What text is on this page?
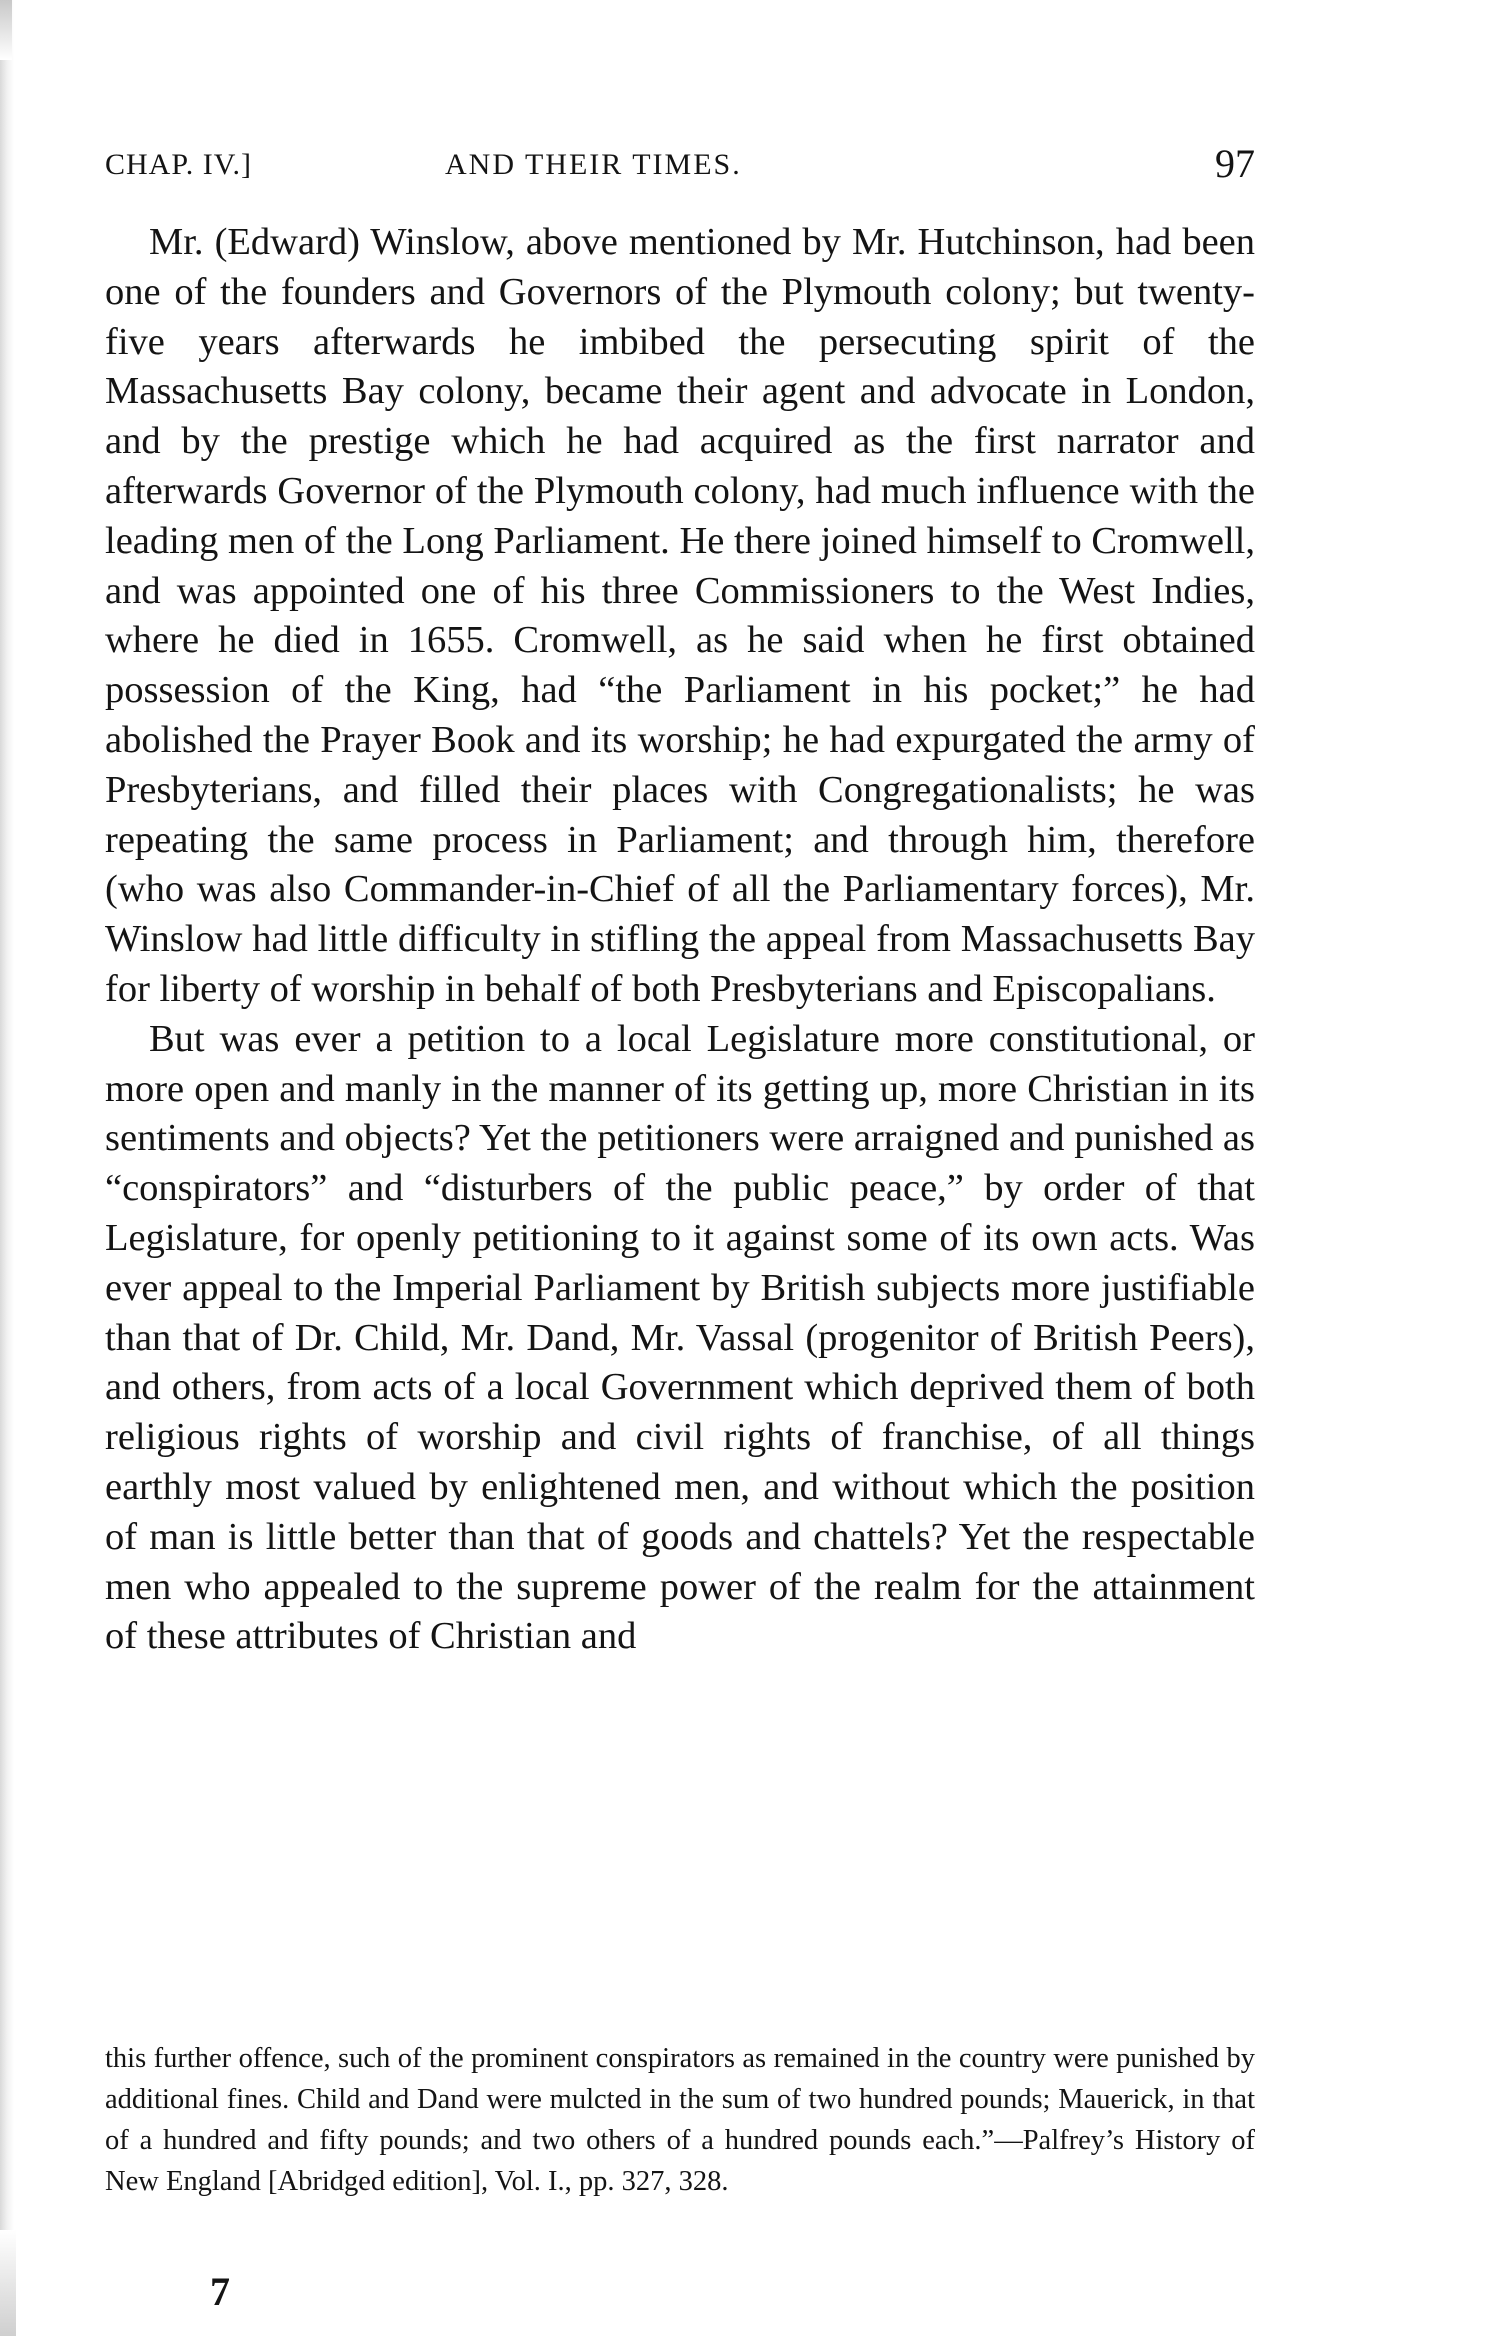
CHAP. IV.]	AND THEIR TIMES.	97

Mr. (Edward) Winslow, above mentioned by Mr. Hutchinson, had been one of the founders and Governors of the Plymouth colony; but twenty-five years afterwards he imbibed the persecuting spirit of the Massachusetts Bay colony, became their agent and advocate in London, and by the prestige which he had acquired as the first narrator and afterwards Governor of the Plymouth colony, had much influence with the leading men of the Long Parliament. He there joined himself to Cromwell, and was appointed one of his three Commissioners to the West Indies, where he died in 1655. Cromwell, as he said when he first obtained possession of the King, had “the Parliament in his pocket;” he had abolished the Prayer Book and its worship; he had expurgated the army of Presbyterians, and filled their places with Congregationalists; he was repeating the same process in Parliament; and through him, therefore (who was also Commander-in-Chief of all the Parliamentary forces), Mr. Winslow had little difficulty in stifling the appeal from Massachusetts Bay for liberty of worship in behalf of both Presbyterians and Episcopalians.

But was ever a petition to a local Legislature more constitutional, or more open and manly in the manner of its getting up, more Christian in its sentiments and objects? Yet the petitioners were arraigned and punished as “conspirators” and “disturbers of the public peace,” by order of that Legislature, for openly petitioning to it against some of its own acts. Was ever appeal to the Imperial Parliament by British subjects more justifiable than that of Dr. Child, Mr. Dand, Mr. Vassal (progenitor of British Peers), and others, from acts of a local Government which deprived them of both religious rights of worship and civil rights of franchise, of all things earthly most valued by enlightened men, and without which the position of man is little better than that of goods and chattels? Yet the respectable men who appealed to the supreme power of the realm for the attainment of these attributes of Christian and

this further offence, such of the prominent conspirators as remained in the country were punished by additional fines. Child and Dand were mulcted in the sum of two hundred pounds; Mauerick, in that of a hundred and fifty pounds; and two others of a hundred pounds each.”—Palfrey’s History of New England [Abridged edition], Vol. I., pp. 327, 328.

7
